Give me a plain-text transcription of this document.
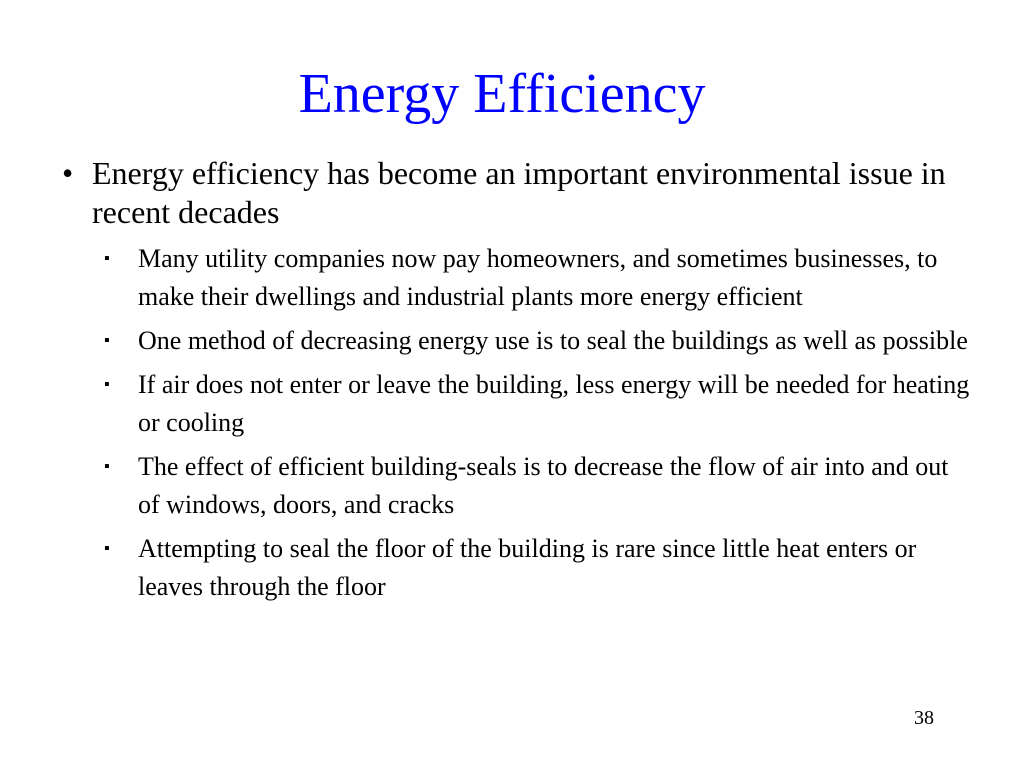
Energy Efficiency
• Energy efficiency has become an important environmental issue in recent decades
▪	Many utility companies now pay homeowners, and sometimes businesses, to make their dwellings and industrial plants more energy efficient
▪	One method of decreasing energy use is to seal the buildings as well as possible
▪	If air does not enter or leave the building, less energy will be needed for heating or cooling
▪	The effect of efficient building-seals is to decrease the flow of air into and out of windows, doors, and cracks
▪	Attempting to seal the floor of the building is rare since little heat enters or leaves through the floor
38
